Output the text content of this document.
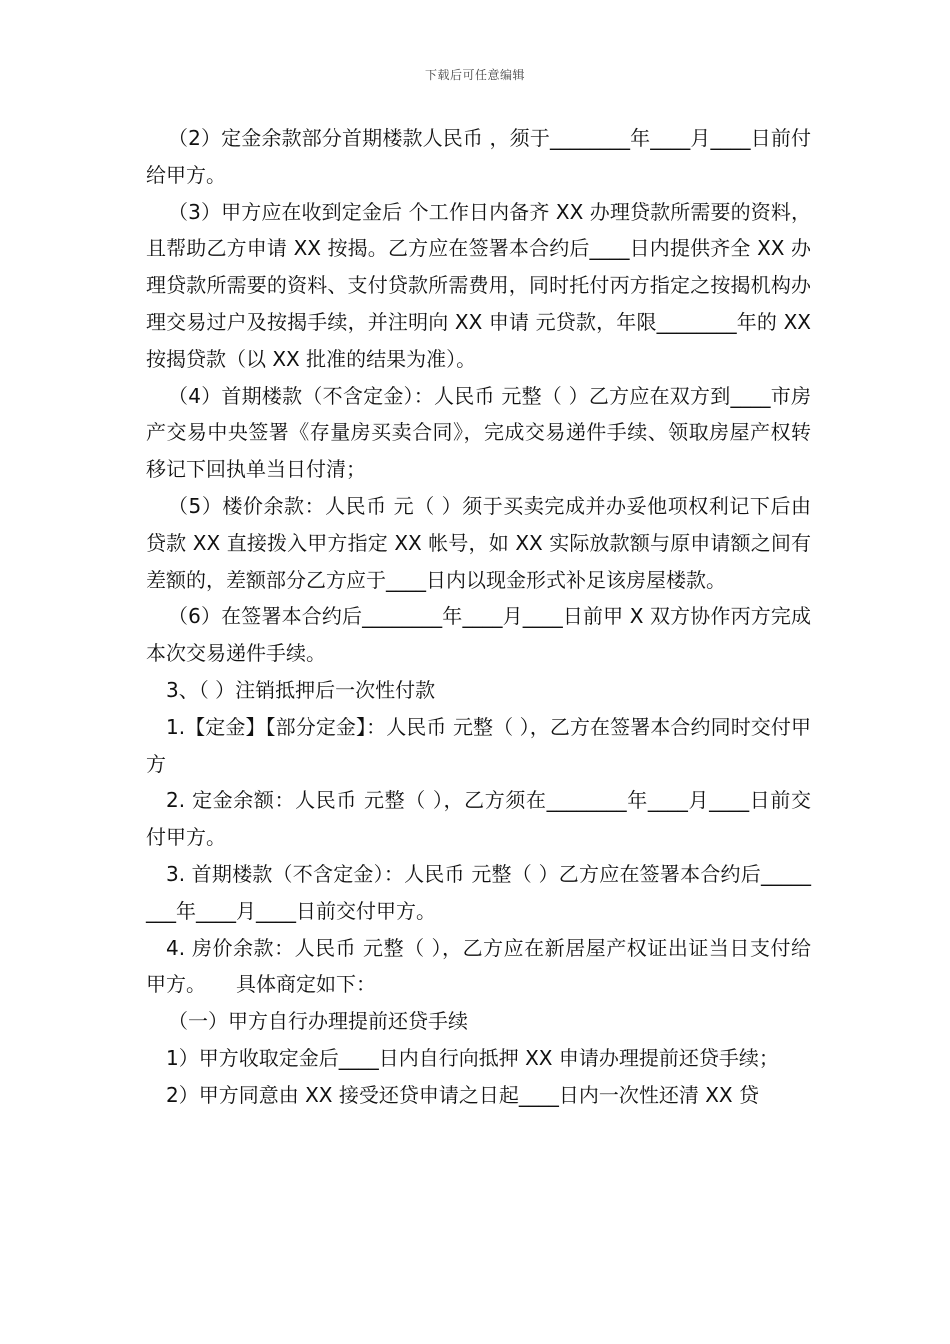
下载后可任意编辑

（2）定金余款部分首期楼款人民币 ，须于________年____月____日前付给甲方。

（3）甲方应在收到定金后 个工作日内备齐 XX 办理贷款所需要的资料，且帮助乙方申请 XX 按揭。乙方应在签署本合约后____日内提供齐全 XX 办理贷款所需要的资料、支付贷款所需费用，同时托付丙方指定之按揭机构办理交易过户及按揭手续，并注明向 XX 申请 元贷款，年限________年的 XX 按揭贷款（以 XX 批准的结果为准）。

（4）首期楼款（不含定金）：人民币 元整（ ）乙方应在双方到____市房产交易中央签署《存量房买卖合同》，完成交易递件手续、领取房屋产权转移记下回执单当日付清；

（5）楼价余款：人民币 元（ ）须于买卖完成并办妥他项权利记下后由贷款 XX 直接拨入甲方指定 XX 帐号，如 XX 实际放款额与原申请额之间有差额的，差额部分乙方应于____日内以现金形式补足该房屋楼款。

（6）在签署本合约后________年____月____日前甲 X 双方协作丙方完成本次交易递件手续。

3、（ ）注销抵押后一次性付款

1.【定金】【部分定金】：人民币 元整（ ），乙方在签署本合约同时交付甲方

2. 定金余额：人民币 元整（ ），乙方须在________年____月____日前交付甲方。

3. 首期楼款（不含定金）：人民币 元整（ ）乙方应在签署本合约后________年____月____日前交付甲方。

4. 房价余款：人民币 元整（ ），乙方应在新居屋产权证出证当日支付给甲方。　　具体商定如下：

（一）甲方自行办理提前还贷手续

1）甲方收取定金后____日内自行向抵押 XX 申请办理提前还贷手续；

2）甲方同意由 XX 接受还贷申请之日起____日内一次性还清 XX 贷
